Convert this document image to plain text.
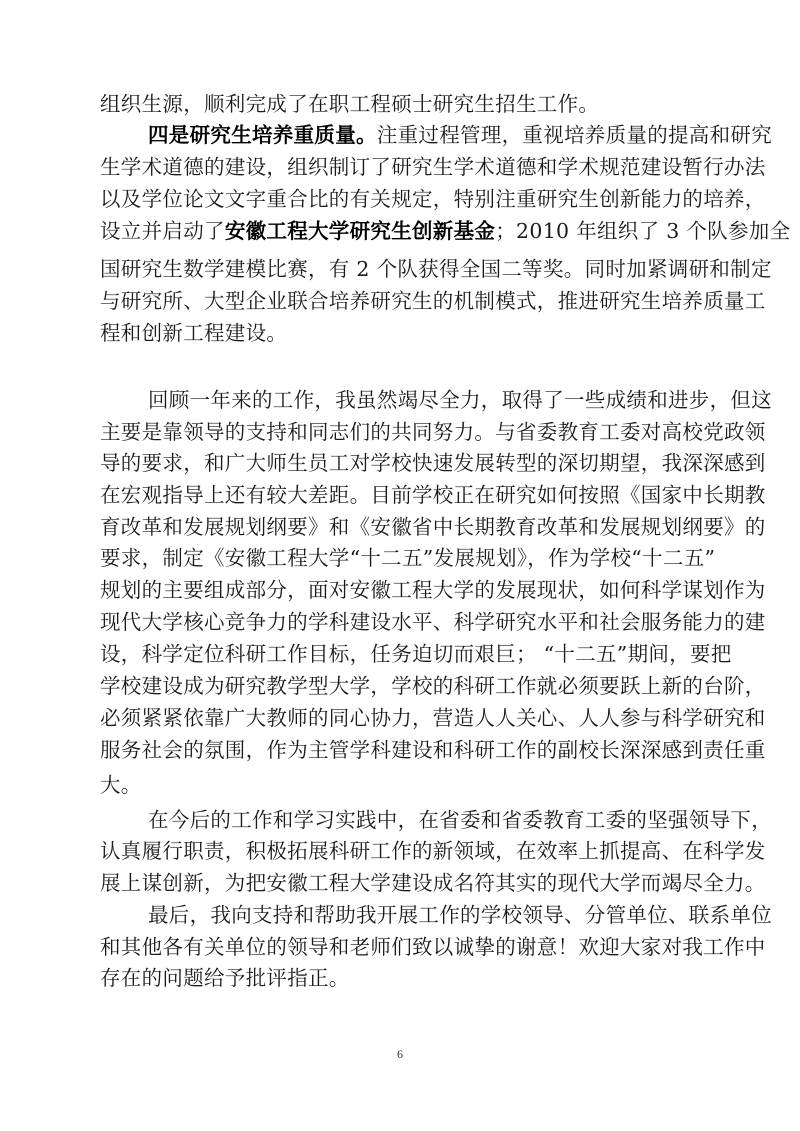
组织生源，顺利完成了在职工程硕士研究生招生工作。
四是研究生培养重质量。注重过程管理，重视培养质量的提高和研究
生学术道德的建设，组织制订了研究生学术道德和学术规范建设暂行办法
以及学位论文文字重合比的有关规定，特别注重研究生创新能力的培养，
设立并启动了安徽工程大学研究生创新基金；2010 年组织了 3 个队参加全
国研究生数学建模比赛，有 2 个队获得全国二等奖。同时加紧调研和制定
与研究所、大型企业联合培养研究生的机制模式，推进研究生培养质量工
程和创新工程建设。
回顾一年来的工作，我虽然竭尽全力，取得了一些成绩和进步，但这
主要是靠领导的支持和同志们的共同努力。与省委教育工委对高校党政领
导的要求，和广大师生员工对学校快速发展转型的深切期望，我深深感到
在宏观指导上还有较大差距。目前学校正在研究如何按照《国家中长期教
育改革和发展规划纲要》和《安徽省中长期教育改革和发展规划纲要》的
要求，制定《安徽工程大学“十二五”发展规划》，作为学校“十二五”
规划的主要组成部分，面对安徽工程大学的发展现状，如何科学谋划作为
现代大学核心竞争力的学科建设水平、科学研究水平和社会服务能力的建
设，科学定位科研工作目标，任务迫切而艰巨； “十二五”期间，要把
学校建设成为研究教学型大学，学校的科研工作就必须要跃上新的台阶，
必须紧紧依靠广大教师的同心协力，营造人人关心、人人参与科学研究和
服务社会的氛围，作为主管学科建设和科研工作的副校长深深感到责任重
大。
在今后的工作和学习实践中，在省委和省委教育工委的坚强领导下，
认真履行职责，积极拓展科研工作的新领域，在效率上抓提高、在科学发
展上谋创新，为把安徽工程大学建设成名符其实的现代大学而竭尽全力。
最后，我向支持和帮助我开展工作的学校领导、分管单位、联系单位
和其他各有关单位的领导和老师们致以诚挚的谢意！欢迎大家对我工作中
存在的问题给予批评指正。
6
